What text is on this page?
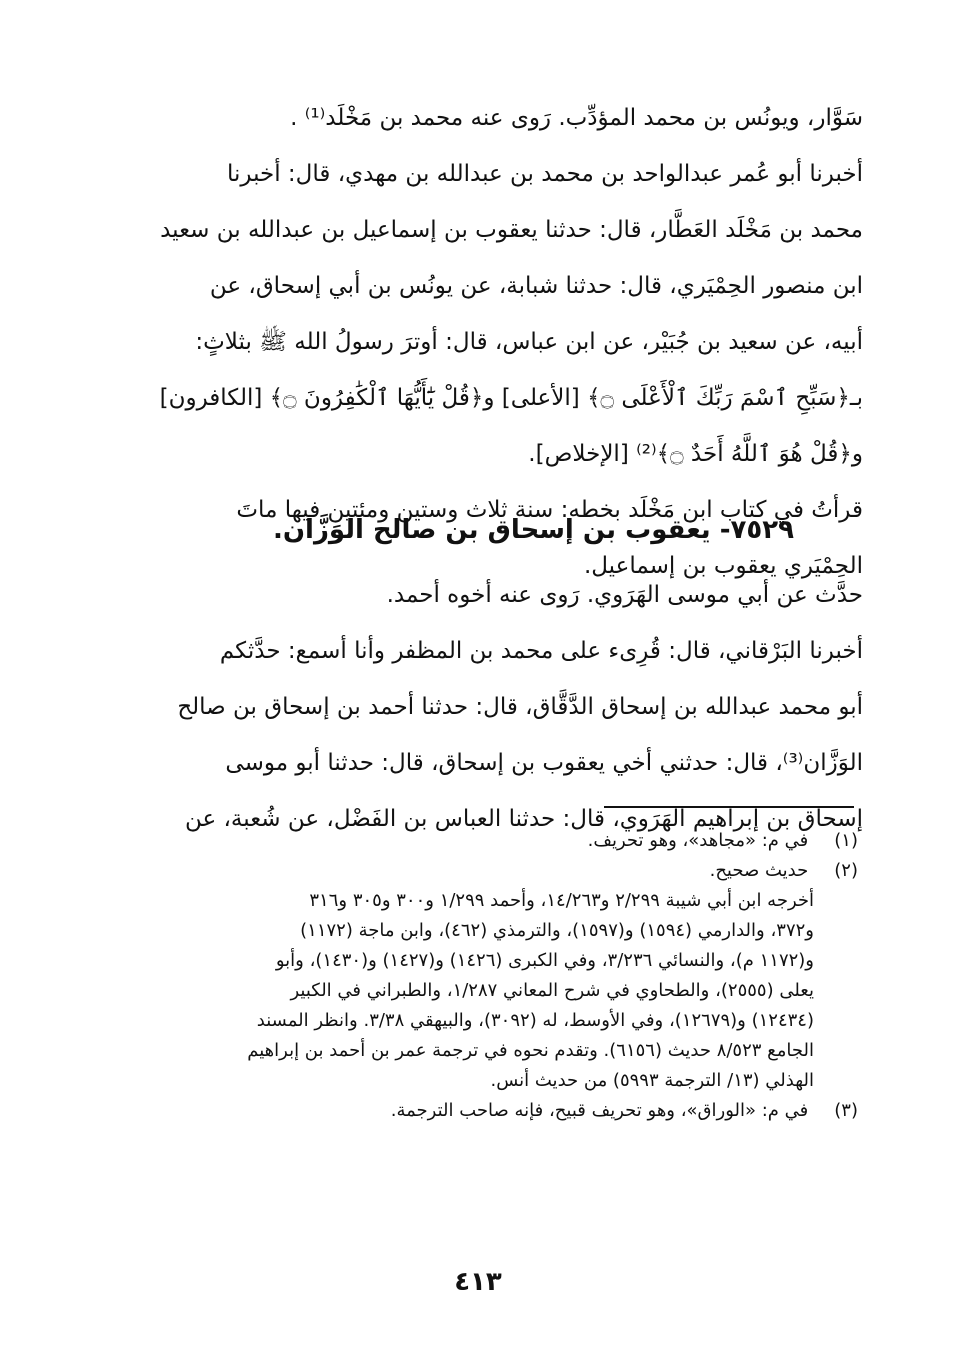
سَوَّار، ويونُس بن محمد المؤدِّب. رَوى عنه محمد بن مَخْلَد⁽¹⁾ .
أخبرنا أبو عُمر عبدالواحد بن محمد بن عبدالله بن مهدي، قال: أخبرنا
محمد بن مَخْلَد العَطَّار، قال: حدثنا يعقوب بن إسماعيل بن عبدالله بن سعيد
ابن منصور الحِمْيَري، قال: حدثنا شبابة، عن يونُس بن أبي إسحاق، عن
أبيه، عن سعيد بن جُبَيْر، عن ابن عباس، قال: أوترَ رسولُ الله ﷺ بثلاثٍ:
بـ﴿سَبِّحِ ٱسْمَ رَبِّكَ ٱلْأَعْلَى ۝﴾ [الأعلى] و﴿قُلْ يَٰٓأَيُّهَا ٱلْكَٰفِرُونَ ۝﴾ [الكافرون]
و﴿قُلْ هُوَ ٱللَّهُ أَحَدٌ ۝﴾⁽²⁾ [الإخلاص].
قرأتُ في كتاب ابن مَخْلَد بخطه: سنة ثلاث وستين ومئتين فيها ماتَ
الحِمْيَري يعقوب بن إسماعيل.
٧٥٢٩- يعقوب بن إسحاق بن صالح الوَزَّان.
حدَّث عن أبي موسى الهَرَوي. رَوى عنه أخوه أحمد.
أخبرنا البَرْقاني، قال: قُرِىء على محمد بن المظفر وأنا أسمع: حدَّثكم
أبو محمد عبدالله بن إسحاق الدَّقَّاق، قال: حدثنا أحمد بن إسحاق بن صالح
الوَزَّان⁽³⁾، قال: حدثني أخي يعقوب بن إسحاق، قال: حدثنا أبو موسى
إسحاق بن إبراهيم الهَرَوي، قال: حدثنا العباس بن الفَضْل، عن شُعبة، عن
(١) في م: «مجاهد»، وهو تحريف.
(٢) حديث صحيح.
أخرجه ابن أبي شيبة ٢/٢٩٩ و١٤/٢٦٣، وأحمد ١/٢٩٩ و٣٠٠ و٣٠٥ و٣١٦
و٣٧٢، والدارمي (١٥٩٤) و(١٥٩٧)، والترمذي (٤٦٢)، وابن ماجة (١١٧٢)
و(١١٧٢ م)، والنسائي ٣/٢٣٦، وفي الكبرى (١٤٢٦) و(١٤٢٧) و(١٤٣٠)، وأبو
يعلى (٢٥٥٥)، والطحاوي في شرح المعاني ١/٢٨٧، والطبراني في الكبير
(١٢٤٣٤) و(١٢٦٧٩)، وفي الأوسط، له (٣٠٩٢)، والبيهقي ٣/٣٨. وانظر المسند
الجامع ٨/٥٢٣ حديث (٦١٥٦). وتقدم نحوه في ترجمة عمر بن أحمد بن إبراهيم
الهذلي (١٣/ الترجمة ٥٩٩٣) من حديث أنس.
(٣) في م: «الوراق»، وهو تحريف قبيح، فإنه صاحب الترجمة.
٤١٣
